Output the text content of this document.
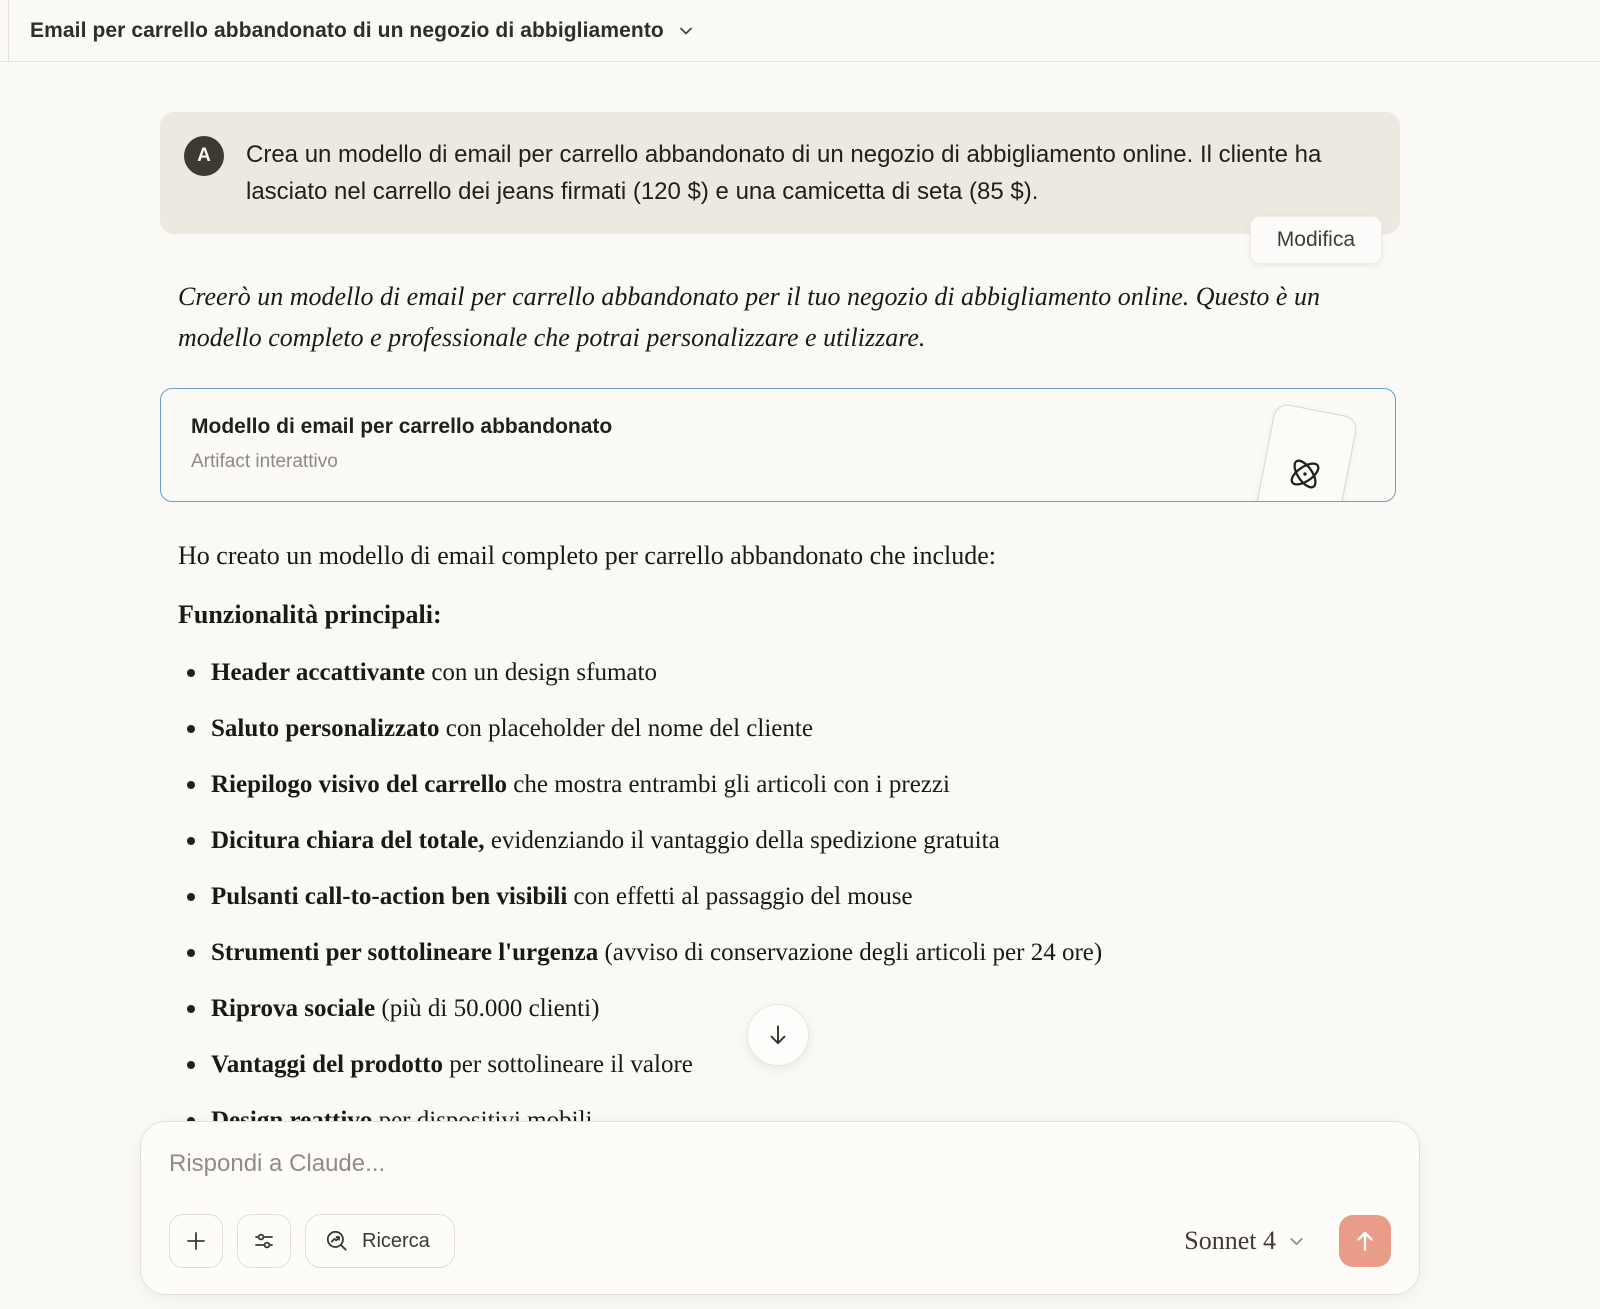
Email per carrello abbandonato di un negozio di abbigliamento
A	Crea un modello di email per carrello abbandonato di un negozio di abbigliamento online. Il cliente ha lasciato nel carrello dei jeans firmati (120 $) e una camicetta di seta (85 $).
Modifica

Creerò un modello di email per carrello abbandonato per il tuo negozio di abbigliamento online. Questo è un modello completo e professionale che potrai personalizzare e utilizzare.

Modello di email per carrello abbandonato
Artifact interattivo

Ho creato un modello di email completo per carrello abbandonato che include:

Funzionalità principali:

Header accattivante con un design sfumato
Saluto personalizzato con placeholder del nome del cliente
Riepilogo visivo del carrello che mostra entrambi gli articoli con i prezzi
Dicitura chiara del totale, evidenziando il vantaggio della spedizione gratuita
Pulsanti call-to-action ben visibili con effetti al passaggio del mouse
Strumenti per sottolineare l'urgenza (avviso di conservazione degli articoli per 24 ore)
Riprova sociale (più di 50.000 clienti)
Vantaggi del prodotto per sottolineare il valore
Rispondi a Claude...
Ricerca	Sonnet 4
